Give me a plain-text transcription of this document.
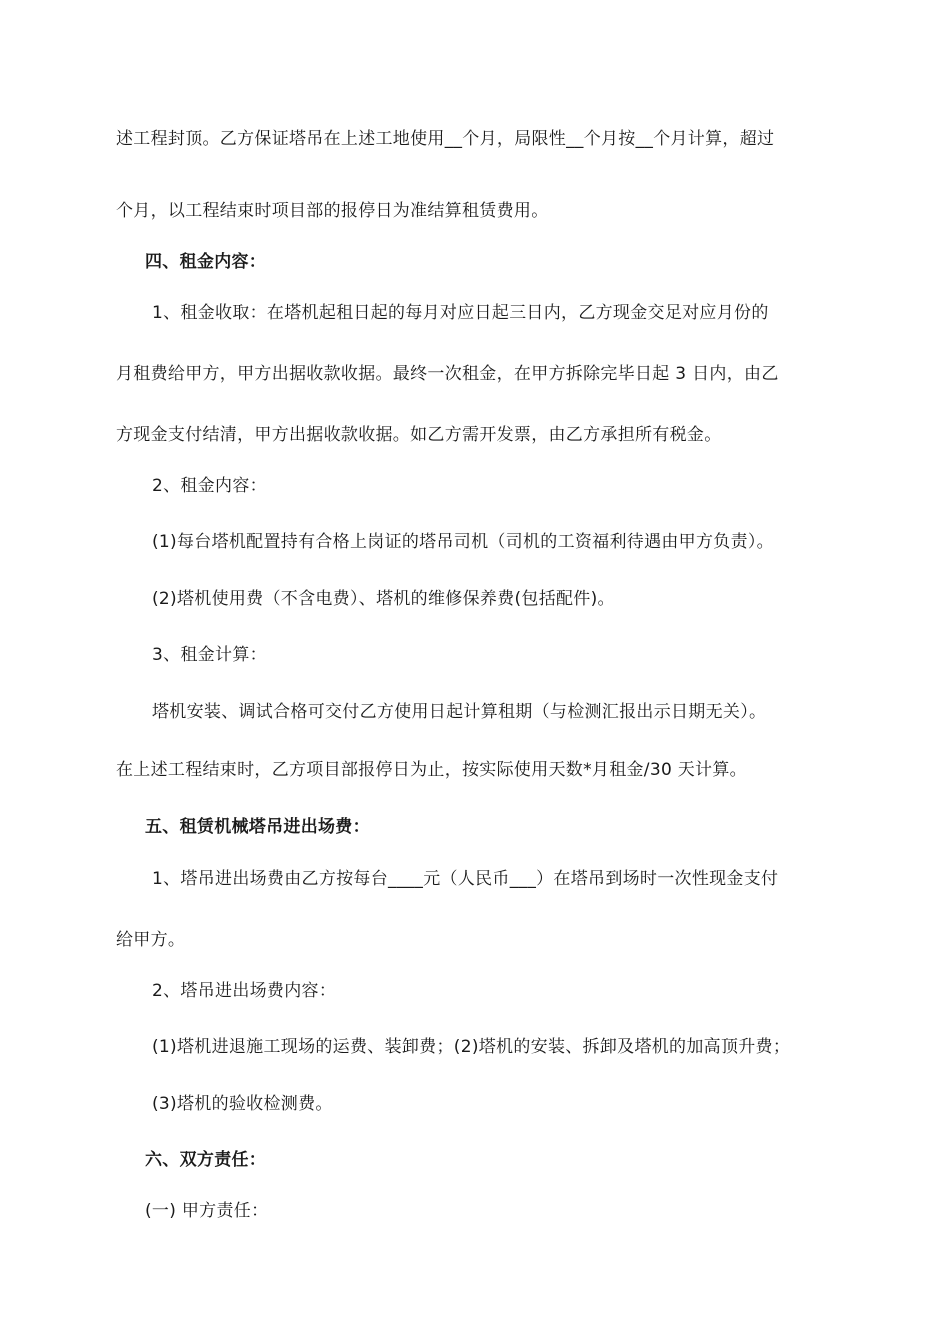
述工程封顶。乙方保证塔吊在上述工地使用__个月，局限性__个月按__个月计算，超过
个月，以工程结束时项目部的报停日为准结算租赁费用。
四、租金内容：
1、租金收取：在塔机起租日起的每月对应日起三日内，乙方现金交足对应月份的
月租费给甲方，甲方出据收款收据。最终一次租金，在甲方拆除完毕日起 3 日内，由乙
方现金支付结清，甲方出据收款收据。如乙方需开发票，由乙方承担所有税金。
2、租金内容：
(1)每台塔机配置持有合格上岗证的塔吊司机（司机的工资福利待遇由甲方负责）。
(2)塔机使用费（不含电费）、塔机的维修保养费(包括配件)。
3、租金计算：
塔机安装、调试合格可交付乙方使用日起计算租期（与检测汇报出示日期无关）。
在上述工程结束时，乙方项目部报停日为止，按实际使用天数*月租金/30 天计算。
五、租赁机械塔吊进出场费：
1、塔吊进出场费由乙方按每台____元（人民币___）在塔吊到场时一次性现金支付
给甲方。
2、塔吊进出场费内容：
(1)塔机进退施工现场的运费、装卸费；(2)塔机的安装、拆卸及塔机的加高顶升费；
(3)塔机的验收检测费。
六、双方责任：
(一) 甲方责任：
